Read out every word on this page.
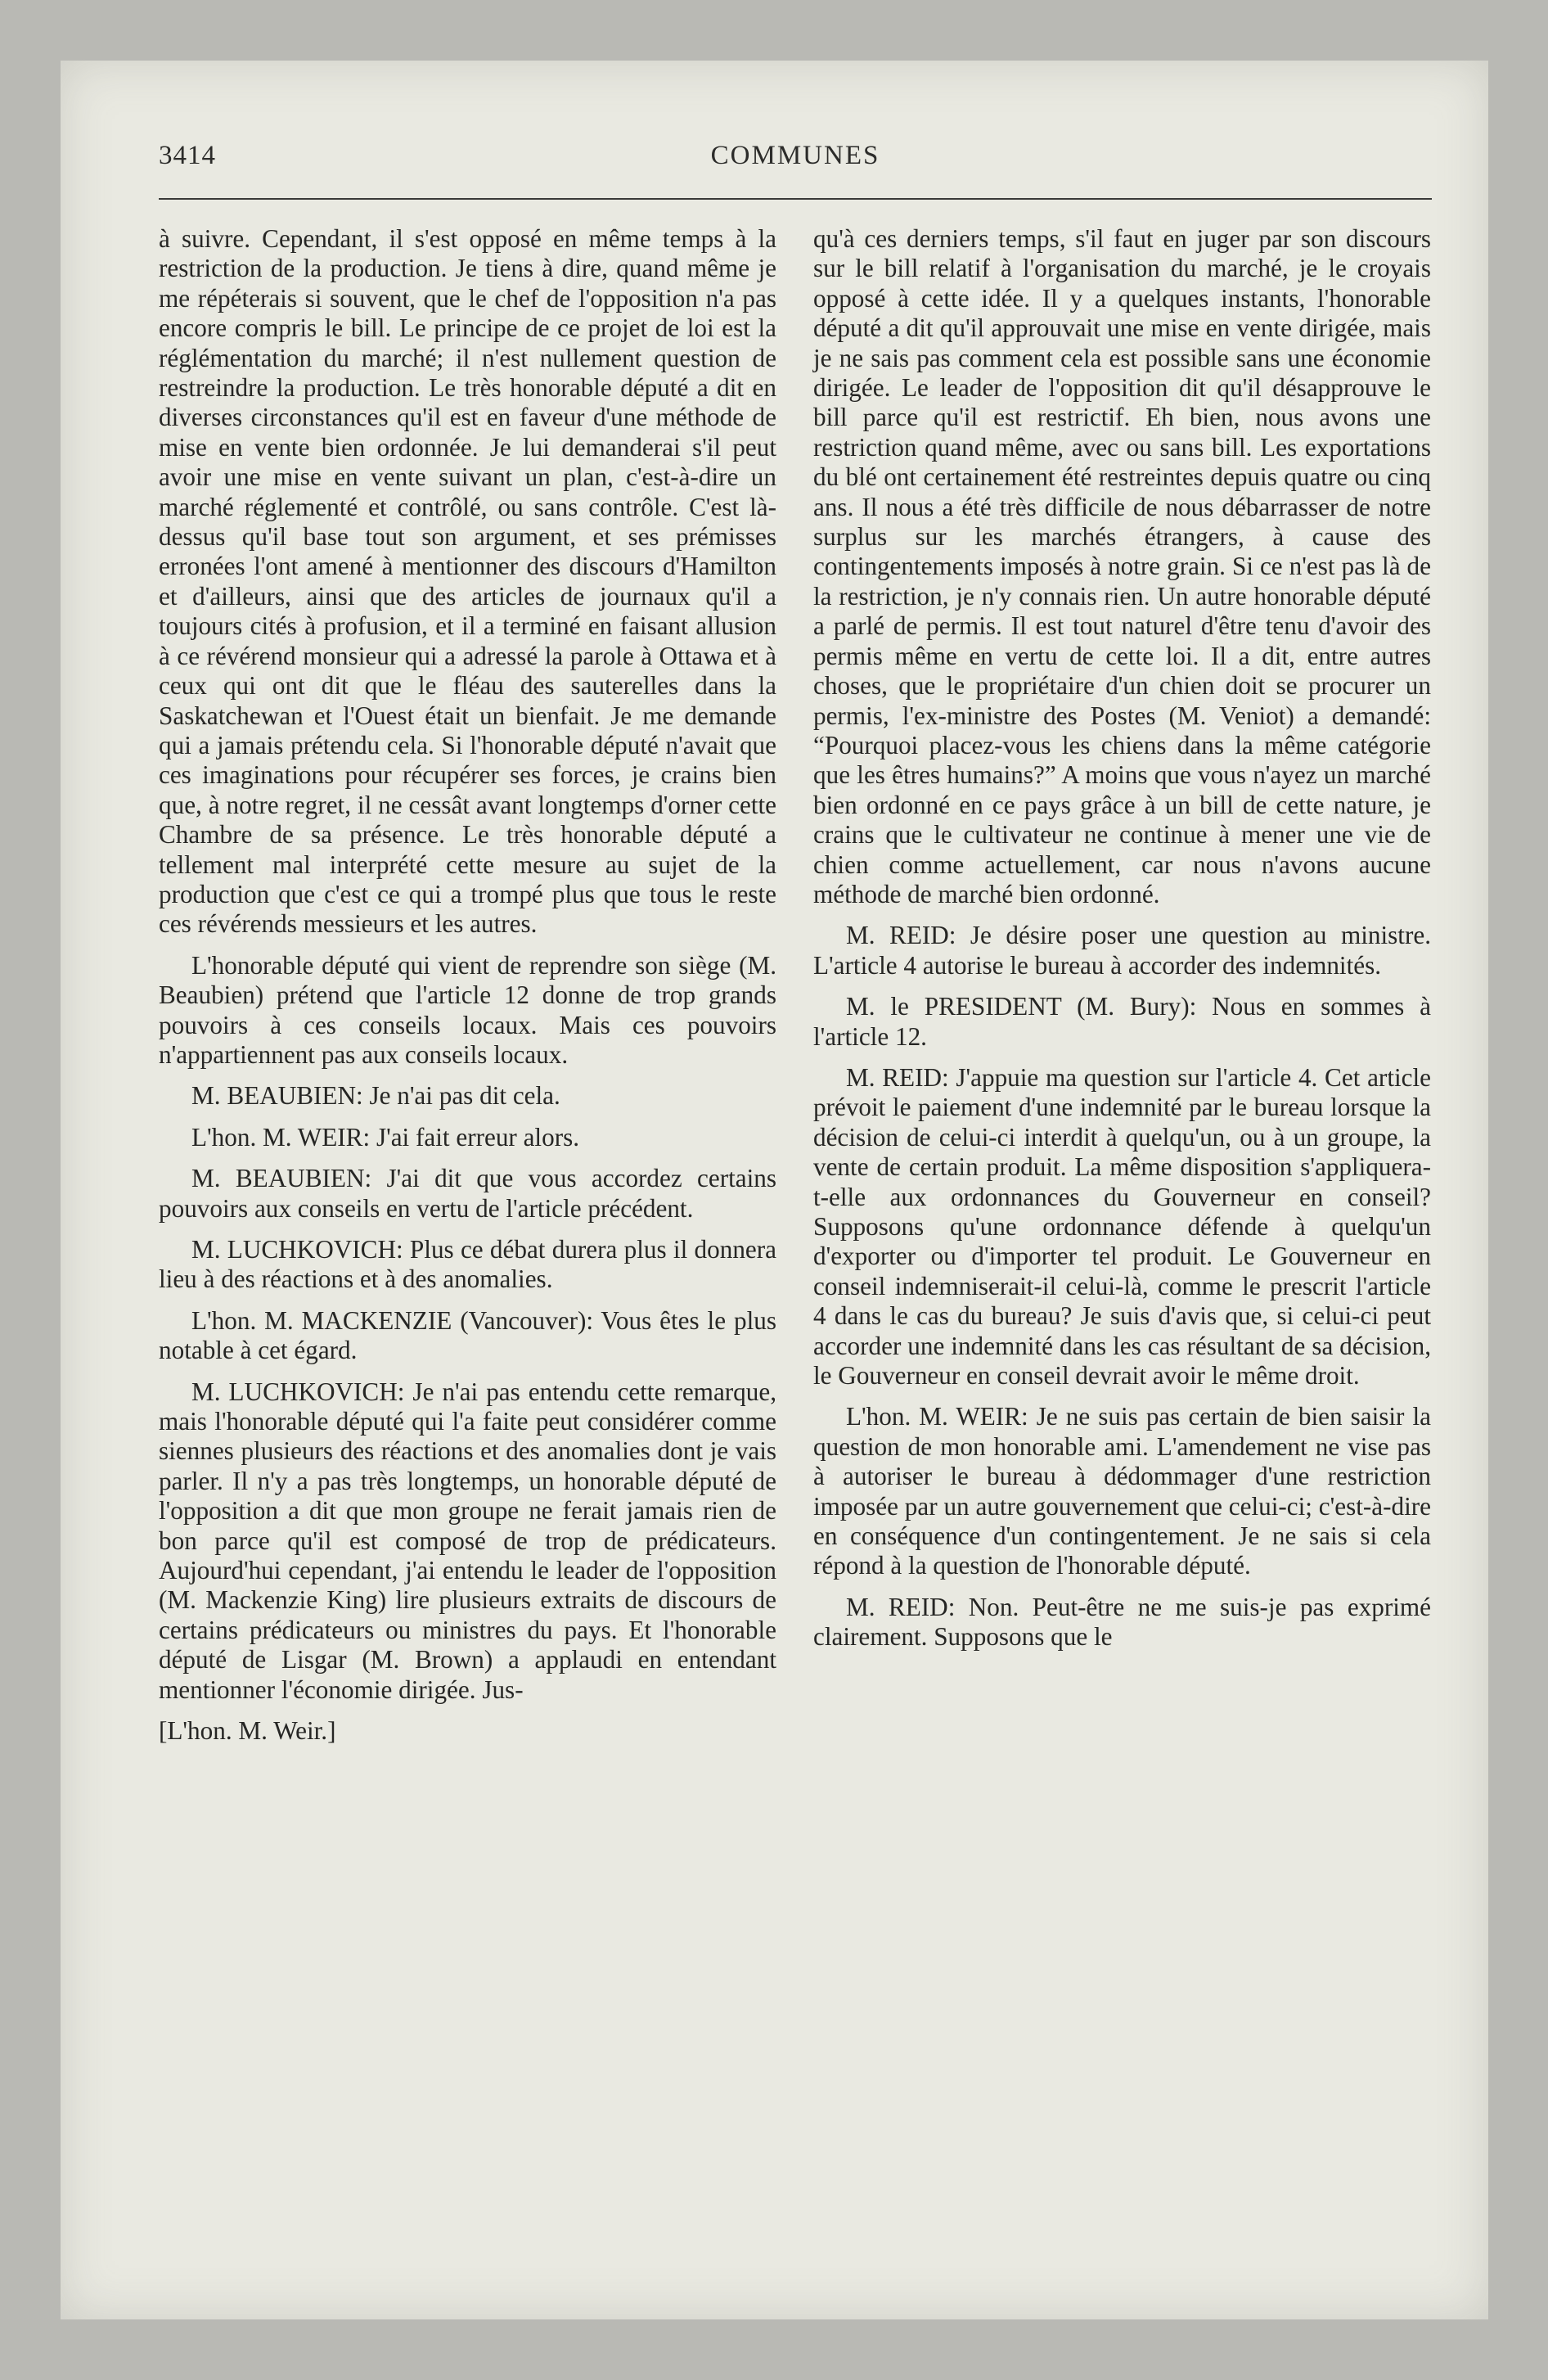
3414	COMMUNES

à suivre. Cependant, il s'est opposé en même temps à la restriction de la production. Je tiens à dire, quand même je me répéterais si souvent, que le chef de l'opposition n'a pas encore compris le bill. Le principe de ce projet de loi est la réglémentation du marché; il n'est nullement question de restreindre la production. Le très honorable député a dit en diverses circonstances qu'il est en faveur d'une méthode de mise en vente bien ordonnée. Je lui demanderai s'il peut avoir une mise en vente suivant un plan, c'est-à-dire un marché réglementé et contrôlé, ou sans contrôle. C'est là-dessus qu'il base tout son argument, et ses prémisses erronées l'ont amené à mentionner des discours d'Hamilton et d'ailleurs, ainsi que des articles de journaux qu'il a toujours cités à profusion, et il a terminé en faisant allusion à ce révérend monsieur qui a adressé la parole à Ottawa et à ceux qui ont dit que le fléau des sauterelles dans la Saskatchewan et l'Ouest était un bienfait. Je me demande qui a jamais prétendu cela. Si l'honorable député n'avait que ces imaginations pour récupérer ses forces, je crains bien que, à notre regret, il ne cessât avant longtemps d'orner cette Chambre de sa présence. Le très honorable député a tellement mal interprété cette mesure au sujet de la production que c'est ce qui a trompé plus que tous le reste ces révérends messieurs et les autres.

L'honorable député qui vient de reprendre son siège (M. Beaubien) prétend que l'article 12 donne de trop grands pouvoirs à ces conseils locaux. Mais ces pouvoirs n'appartiennent pas aux conseils locaux.

M. BEAUBIEN: Je n'ai pas dit cela.

L'hon. M. WEIR: J'ai fait erreur alors.

M. BEAUBIEN: J'ai dit que vous accordez certains pouvoirs aux conseils en vertu de l'article précédent.

M. LUCHKOVICH: Plus ce débat durera plus il donnera lieu à des réactions et à des anomalies.

L'hon. M. MACKENZIE (Vancouver): Vous êtes le plus notable à cet égard.

M. LUCHKOVICH: Je n'ai pas entendu cette remarque, mais l'honorable député qui l'a faite peut considérer comme siennes plusieurs des réactions et des anomalies dont je vais parler. Il n'y a pas très longtemps, un honorable député de l'opposition a dit que mon groupe ne ferait jamais rien de bon parce qu'il est composé de trop de prédicateurs. Aujourd'hui cependant, j'ai entendu le leader de l'opposition (M. Mackenzie King) lire plusieurs extraits de discours de certains prédicateurs ou ministres du pays. Et l'honorable député de Lisgar (M. Brown) a applaudi en entendant mentionner l'économie dirigée. Jus-

[L'hon. M. Weir.]

qu'à ces derniers temps, s'il faut en juger par son discours sur le bill relatif à l'organisation du marché, je le croyais opposé à cette idée. Il y a quelques instants, l'honorable député a dit qu'il approuvait une mise en vente dirigée, mais je ne sais pas comment cela est possible sans une économie dirigée. Le leader de l'opposition dit qu'il désapprouve le bill parce qu'il est restrictif. Eh bien, nous avons une restriction quand même, avec ou sans bill. Les exportations du blé ont certainement été restreintes depuis quatre ou cinq ans. Il nous a été très difficile de nous débarrasser de notre surplus sur les marchés étrangers, à cause des contingentements imposés à notre grain. Si ce n'est pas là de la restriction, je n'y connais rien. Un autre honorable député a parlé de permis. Il est tout naturel d'être tenu d'avoir des permis même en vertu de cette loi. Il a dit, entre autres choses, que le propriétaire d'un chien doit se procurer un permis, l'ex-ministre des Postes (M. Veniot) a demandé: “Pourquoi placez-vous les chiens dans la même catégorie que les êtres humains?” A moins que vous n'ayez un marché bien ordonné en ce pays grâce à un bill de cette nature, je crains que le cultivateur ne continue à mener une vie de chien comme actuellement, car nous n'avons aucune méthode de marché bien ordonné.

M. REID: Je désire poser une question au ministre. L'article 4 autorise le bureau à accorder des indemnités.

M. le PRESIDENT (M. Bury): Nous en sommes à l'article 12.

M. REID: J'appuie ma question sur l'article 4. Cet article prévoit le paiement d'une indemnité par le bureau lorsque la décision de celui-ci interdit à quelqu'un, ou à un groupe, la vente de certain produit. La même disposition s'appliquera-t-elle aux ordonnances du Gouverneur en conseil? Supposons qu'une ordonnance défende à quelqu'un d'exporter ou d'importer tel produit. Le Gouverneur en conseil indemniserait-il celui-là, comme le prescrit l'article 4 dans le cas du bureau? Je suis d'avis que, si celui-ci peut accorder une indemnité dans les cas résultant de sa décision, le Gouverneur en conseil devrait avoir le même droit.

L'hon. M. WEIR: Je ne suis pas certain de bien saisir la question de mon honorable ami. L'amendement ne vise pas à autoriser le bureau à dédommager d'une restriction imposée par un autre gouvernement que celui-ci; c'est-à-dire en conséquence d'un contingentement. Je ne sais si cela répond à la question de l'honorable député.

M. REID: Non. Peut-être ne me suis-je pas exprimé clairement. Supposons que le
